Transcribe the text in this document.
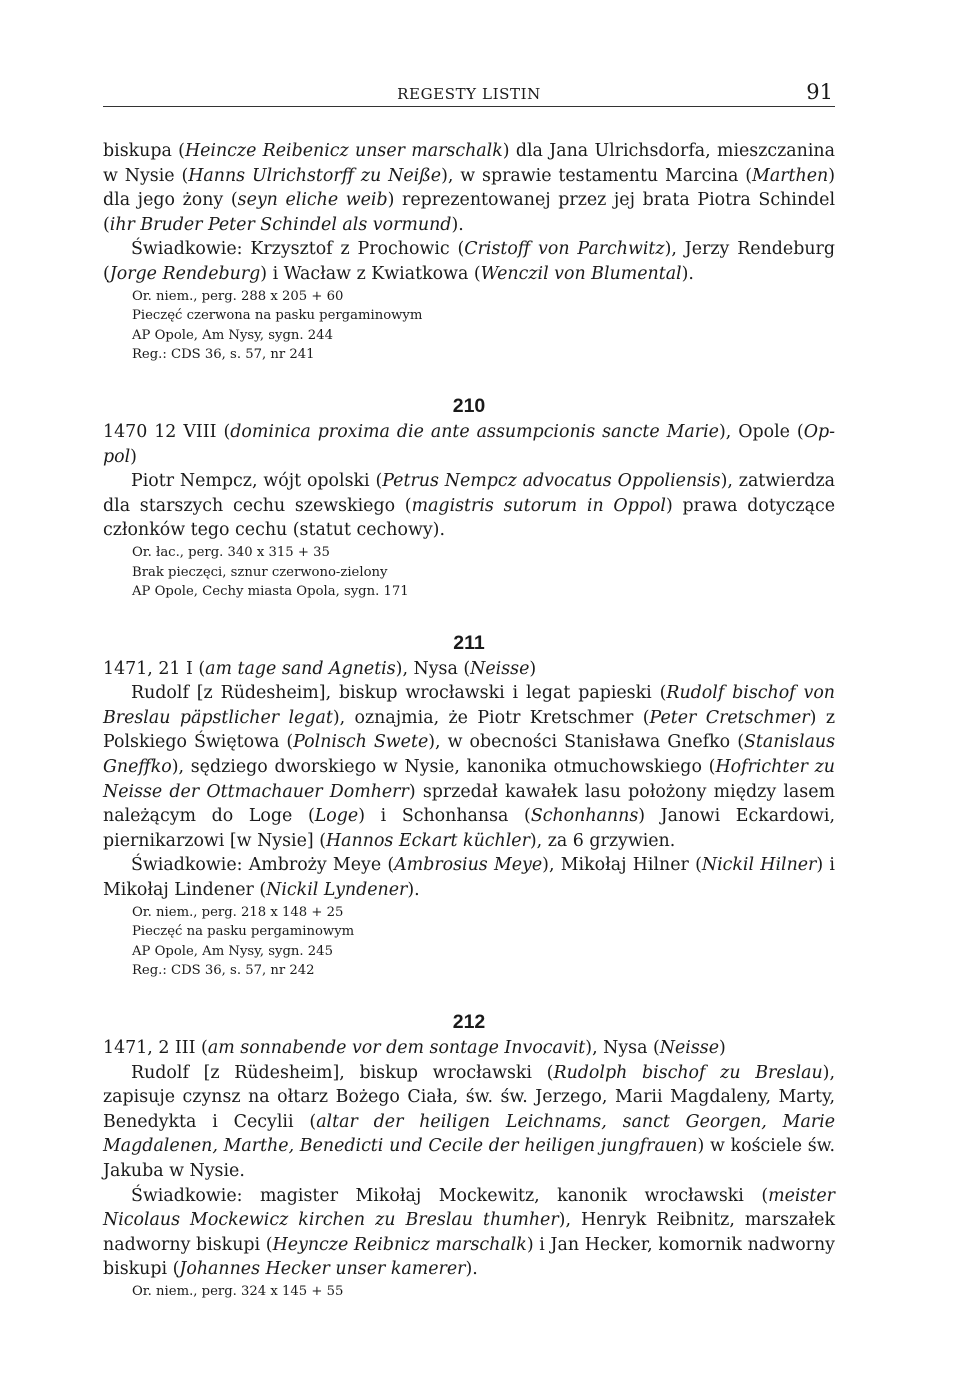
REGESTY LISTIN	91

biskupa (Heincze Reibenicz unser marschalk) dla Jana Ulrichsdorfa, mieszczanina w Nysie (Hanns Ulrichstorff zu Neiße), w sprawie testamentu Marcina (Marthen) dla jego żony (seyn eliche weib) reprezentowanej przez jej brata Piotra Schindel (ihr Bruder Peter Schindel als vormund).

Świadkowie: Krzysztof z Prochowic (Cristoff von Parchwitz), Jerzy Rendeburg (Jorge Rendeburg) i Wacław z Kwiatkowa (Wenczil von Blumental).

Or. niem., perg. 288 x 205 + 60
Pieczęć czerwona na pasku pergaminowym
AP Opole, Am Nysy, sygn. 244
Reg.: CDS 36, s. 57, nr 241
210

1470 12 VIII (dominica proxima die ante assumpcionis sancte Marie), Opole (Oppol)

Piotr Nempcz, wójt opolski (Petrus Nempcz advocatus Oppoliensis), zatwierdza dla starszych cechu szewskiego (magistris sutorum in Oppol) prawa dotyczące członków tego cechu (statut cechowy).

Or. łac., perg. 340 x 315 + 35
Brak pieczęci, sznur czerwono-zielony
AP Opole, Cechy miasta Opola, sygn. 171
211

1471, 21 I (am tage sand Agnetis), Nysa (Neisse)

Rudolf [z Rüdesheim], biskup wrocławski i legat papieski (Rudolf bischof von Breslau päpstlicher legat), oznajmia, że Piotr Kretschmer (Peter Cretschmer) z Polskiego Świętowa (Polnisch Swete), w obecności Stanisława Gnefko (Stanislaus Gneffko), sędziego dworskiego w Nysie, kanonika otmuchowskiego (Hofrichter zu Neisse der Ottmachauer Domherr) sprzedał kawałek lasu położony między lasem należącym do Loge (Loge) i Schonhansa (Schonhanns) Janowi Eckardowi, piernikarzowi [w Nysie] (Hannos Eckart küchler), za 6 grzywien.

Świadkowie: Ambroży Meye (Ambrosius Meye), Mikołaj Hilner (Nickil Hilner) i Mikołaj Lindener (Nickil Lyndener).

Or. niem., perg. 218 x 148 + 25
Pieczęć na pasku pergaminowym
AP Opole, Am Nysy, sygn. 245
Reg.: CDS 36, s. 57, nr 242
212

1471, 2 III (am sonnabende vor dem sontage Invocavit), Nysa (Neisse)

Rudolf [z Rüdesheim], biskup wrocławski (Rudolph bischof zu Breslau), zapisuje czynsz na ołtarz Bożego Ciała, św. św. Jerzego, Marii Magdaleny, Marty, Benedykta i Cecylii (altar der heiligen Leichnams, sanct Georgen, Marie Magdalenen, Marthe, Benedicti und Cecile der heiligen jungfrauen) w kościele św. Jakuba w Nysie.

Świadkowie: magister Mikołaj Mockewitz, kanonik wrocławski (meister Nicolaus Mockewicz kirchen zu Breslau thumher), Henryk Reibnitz, marszałek nadworny biskupi (Heyncze Reibnicz marschalk) i Jan Hecker, komornik nadworny biskupi (Johannes Hecker unser kamerer).

Or. niem., perg. 324 x 145 + 55
